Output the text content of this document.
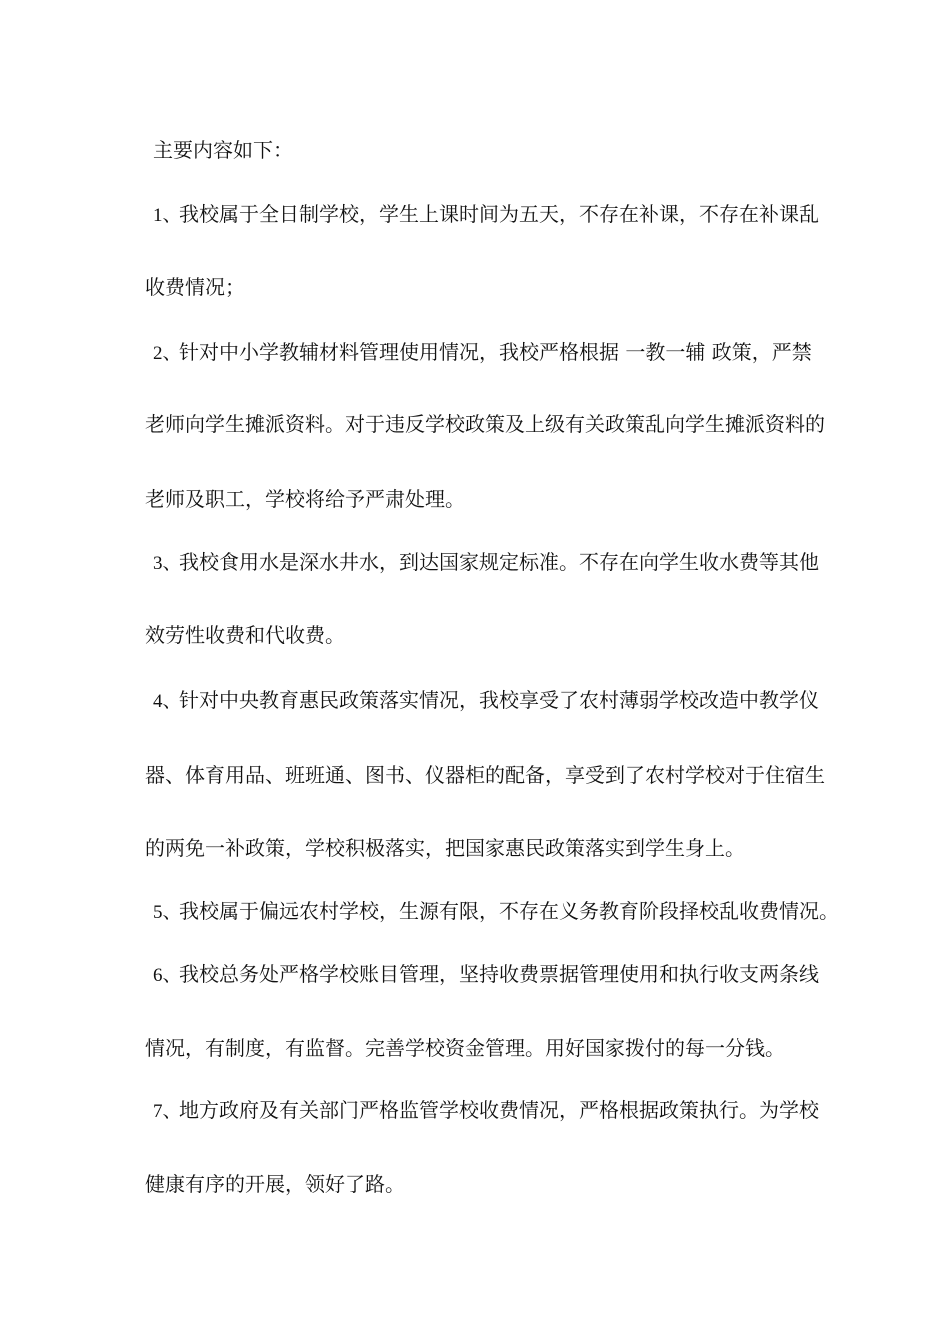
主要内容如下：
1、我校属于全日制学校，学生上课时间为五天，不存在补课，不存在补课乱
收费情况；
2、针对中小学教辅材料管理使用情况，我校严格根据 一教一辅 政策，严禁
老师向学生摊派资料。对于违反学校政策及上级有关政策乱向学生摊派资料的
老师及职工，学校将给予严肃处理。
3、我校食用水是深水井水，到达国家规定标准。不存在向学生收水费等其他
效劳性收费和代收费。
4、针对中央教育惠民政策落实情况，我校享受了农村薄弱学校改造中教学仪
器、体育用品、班班通、图书、仪器柜的配备，享受到了农村学校对于住宿生
的两免一补政策，学校积极落实，把国家惠民政策落实到学生身上。
5、我校属于偏远农村学校，生源有限，不存在义务教育阶段择校乱收费情况。
6、我校总务处严格学校账目管理，坚持收费票据管理使用和执行收支两条线
情况，有制度，有监督。完善学校资金管理。用好国家拨付的每一分钱。
7、地方政府及有关部门严格监管学校收费情况，严格根据政策执行。为学校
健康有序的开展，领好了路。
